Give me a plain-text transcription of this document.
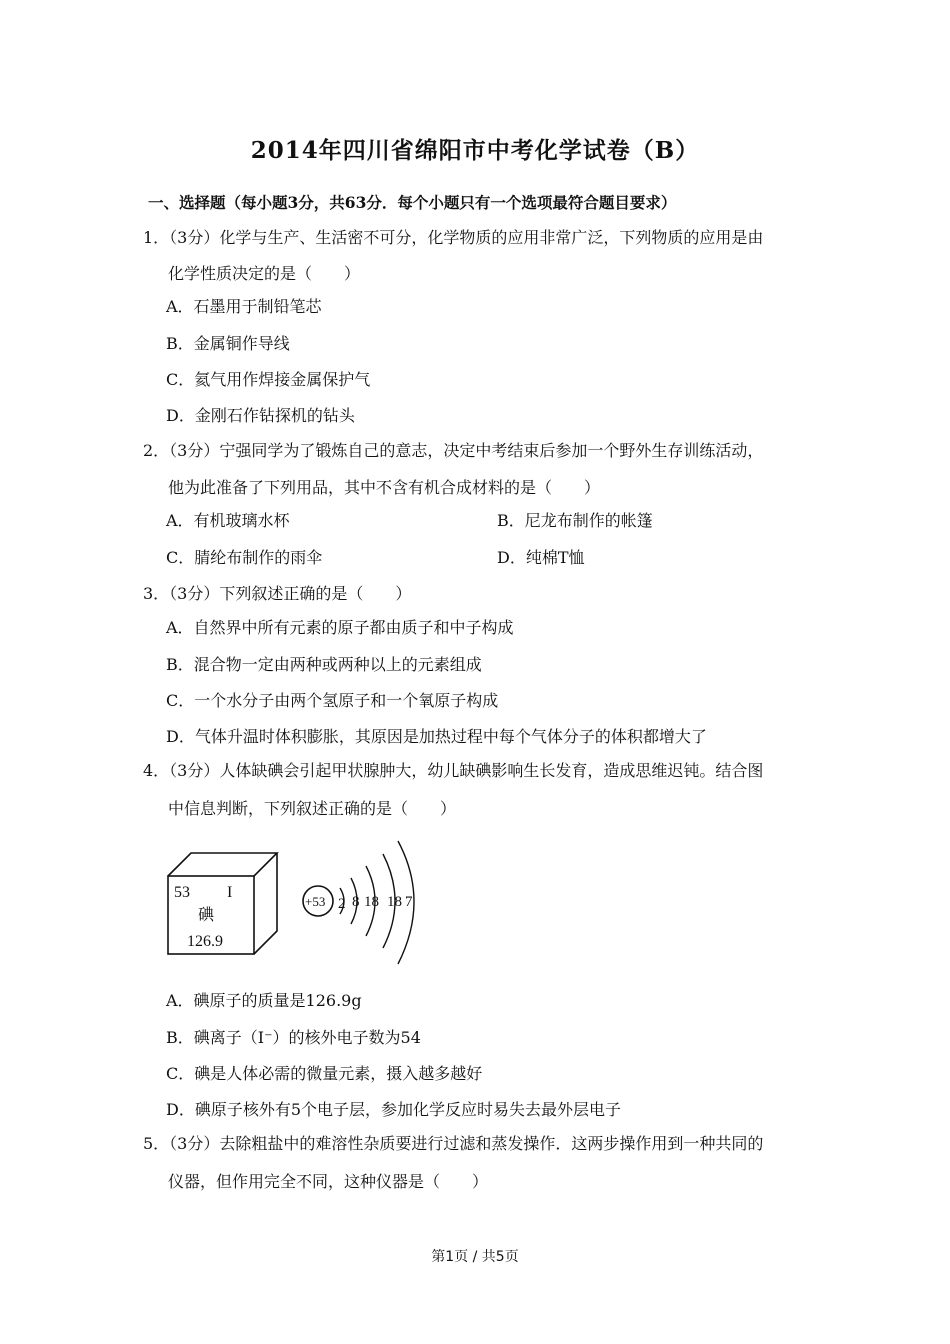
2014年四川省绵阳市中考化学试卷（B）
一、选择题（每小题3分，共63分．每个小题只有一个选项最符合题目要求）
1．（3分）化学与生产、生活密不可分，化学物质的应用非常广泛，下列物质的应用是由
化学性质决定的是（　　）
A．石墨用于制铅笔芯
B．金属铜作导线
C．氦气用作焊接金属保护气
D．金刚石作钻探机的钻头
2．（3分）宁强同学为了锻炼自己的意志，决定中考结束后参加一个野外生存训练活动，
他为此准备了下列用品，其中不含有机合成材料的是（　　）
A．有机玻璃水杯	B．尼龙布制作的帐篷
C．腈纶布制作的雨伞	D．纯棉T恤
3．（3分）下列叙述正确的是（　　）
A．自然界中所有元素的原子都由质子和中子构成
B．混合物一定由两种或两种以上的元素组成
C．一个水分子由两个氢原子和一个氧原子构成
D．气体升温时体积膨胀，其原因是加热过程中每个气体分子的体积都增大了
4．（3分）人体缺碘会引起甲状腺肿大，幼儿缺碘影响生长发育，造成思维迟钝。结合图
中信息判断，下列叙述正确的是（　　）
53 I
碘
126.9
+53 2 8 18 18 7
A．碘原子的质量是126.9g
B．碘离子（I⁻）的核外电子数为54
C．碘是人体必需的微量元素，摄入越多越好
D．碘原子核外有5个电子层，参加化学反应时易失去最外层电子
5．（3分）去除粗盐中的难溶性杂质要进行过滤和蒸发操作．这两步操作用到一种共同的
仪器，但作用完全不同，这种仪器是（　　）
第1页 / 共5页
